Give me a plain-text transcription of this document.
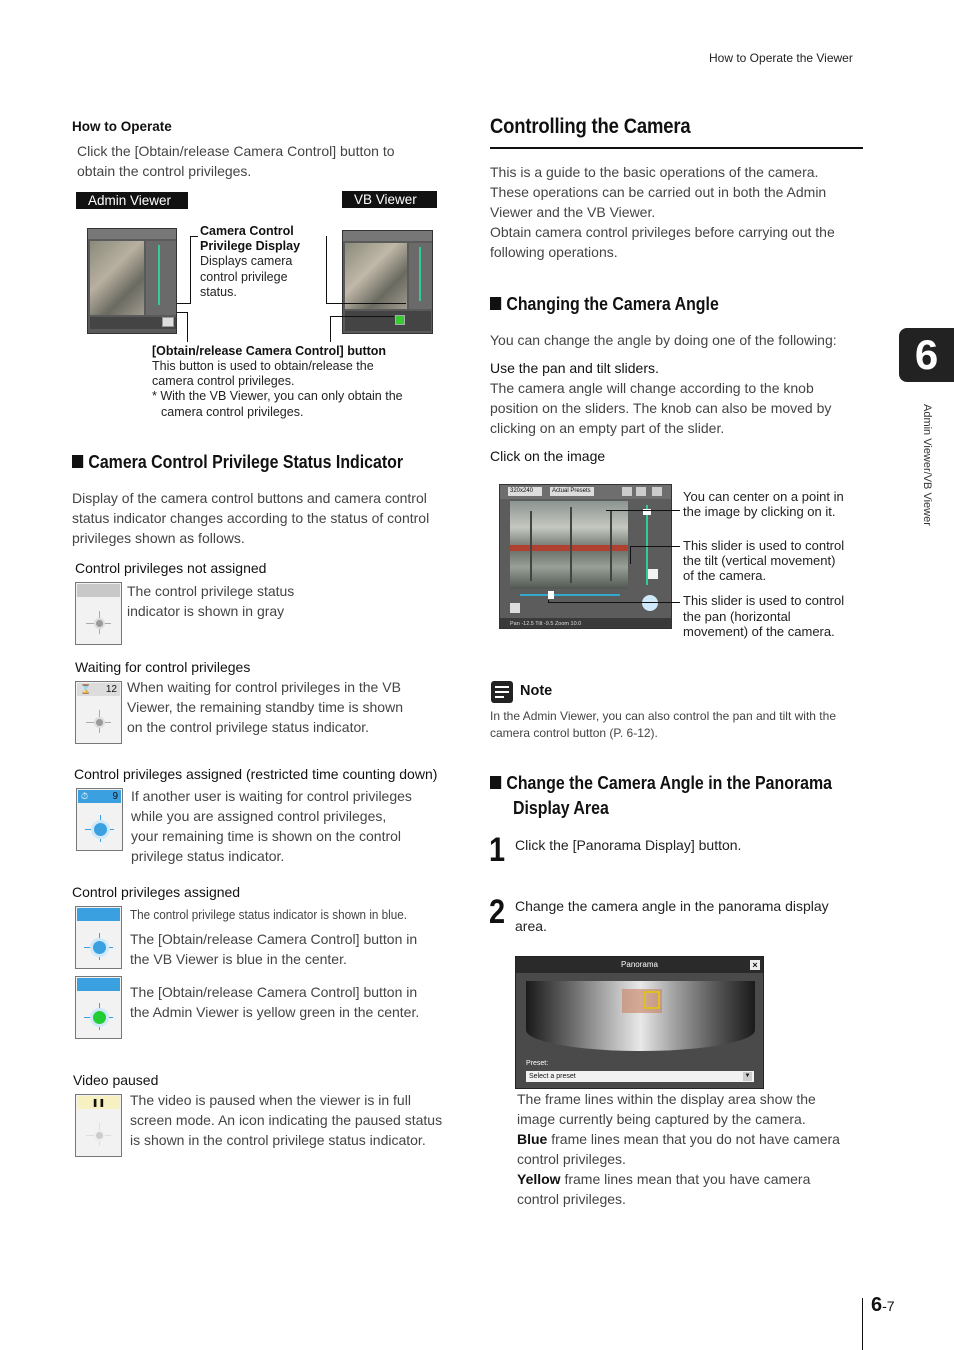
How to Operate the Viewer
6
Admin Viewer/VB Viewer
How to Operate
Click the [Obtain/release Camera Control] button to
obtain the control privileges.
Admin Viewer	VB Viewer
Camera Control
Privilege Display
Displays camera
control privilege
status.
[Obtain/release Camera Control] button
This button is used to obtain/release the
camera control privileges.
* With the VB Viewer, you can only obtain the
camera control privileges.
Camera Control Privilege Status Indicator
Display of the camera control buttons and camera control
status indicator changes according to the status of control
privileges shown as follows.
Control privileges not assigned
The control privilege status
indicator is shown in gray
Waiting for control privileges
12
⌛	When waiting for control privileges in the VB
Viewer, the remaining standby time is shown
on the control privilege status indicator.
Control privileges assigned (restricted time counting down)
9
⏱	If another user is waiting for control privileges
while you are assigned control privileges,
your remaining time is shown on the control
privilege status indicator.
Control privileges assigned
The control privilege status indicator is shown in blue.
The [Obtain/release Camera Control] button in
the VB Viewer is blue in the center.
The [Obtain/release Camera Control] button in
the Admin Viewer is yellow green in the center.
Video paused
❚❚	The video is paused when the viewer is in full
screen mode. An icon indicating the paused status
is shown in the control privilege status indicator.
Controlling the Camera
This is a guide to the basic operations of the camera.
These operations can be carried out in both the Admin
Viewer and the VB Viewer.
Obtain camera control privileges before carrying out the
following operations.
Changing the Camera Angle
You can change the angle by doing one of the following:
Use the pan and tilt sliders.
The camera angle will change according to the knob
position on the sliders. The knob can also be moved by
clicking on an empty part of the slider.
Click on the image
320x240	Actual Presets
Pan -12.5 Tilt -9.5 Zoom 10.0
You can center on a point in
the image by clicking on it.
This slider is used to control
the tilt (vertical movement)
of the camera.
This slider is used to control
the pan (horizontal
movement) of the camera.
Note
In the Admin Viewer, you can also control the pan and tilt with the
camera control button (P. 6-12).
Change the Camera Angle in the Panorama
Display Area
1 Click the [Panorama Display] button.
2 Change the camera angle in the panorama display
area.
Panorama	×
Preset:
Select a preset	▼
The frame lines within the display area show the
image currently being captured by the camera.
Blue frame lines mean that you do not have camera
control privileges.
Yellow frame lines mean that you have camera
control privileges.
6-7
